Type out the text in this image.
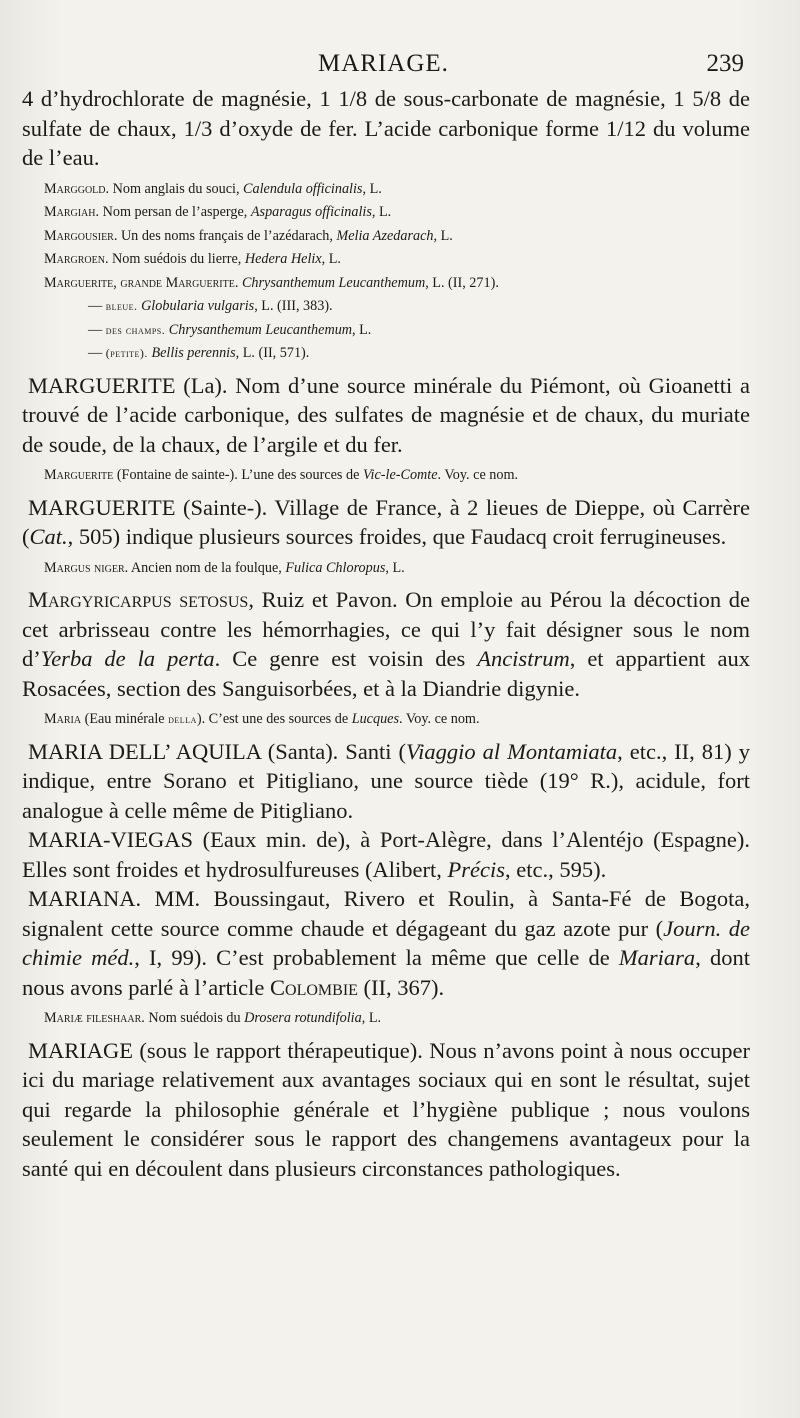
MARIAGE.	239

4 d’hydrochlorate de magnésie, 1 1/8 de sous-carbonate de magnésie, 1 5/8 de sulfate de chaux, 1/3 d’oxyde de fer. L’acide carbonique forme 1/12 du volume de l’eau.

Marggold. Nom anglais du souci, Calendula officinalis, L.

Margiah. Nom persan de l’asperge, Asparagus officinalis, L.

Margousier. Un des noms français de l’azédarach, Melia Azedarach, L.

Margroen. Nom suédois du lierre, Hedera Helix, L.

Marguerite, grande Marguerite. Chrysanthemum Leucanthemum, L. (II, 271).

— bleue. Globularia vulgaris, L. (III, 383).

— des champs. Chrysanthemum Leucanthemum, L.

— (petite). Bellis perennis, L. (II, 571).

MARGUERITE (La). Nom d’une source minérale du Piémont, où Gioanetti a trouvé de l’acide carbonique, des sulfates de magnésie et de chaux, du muriate de soude, de la chaux, de l’argile et du fer.

Marguerite (Fontaine de sainte-). L’une des sources de Vic-le-Comte. Voy. ce nom.

MARGUERITE (Sainte-). Village de France, à 2 lieues de Dieppe, où Carrère (Cat., 505) indique plusieurs sources froides, que Faudacq croit ferrugineuses.

Margus niger. Ancien nom de la foulque, Fulica Chloropus, L.

Margyricarpus setosus, Ruiz et Pavon. On emploie au Pérou la décoction de cet arbrisseau contre les hémorrhagies, ce qui l’y fait désigner sous le nom d’Yerba de la perta. Ce genre est voisin des Ancistrum, et appartient aux Rosacées, section des Sanguisorbées, et à la Diandrie digynie.

Maria (Eau minérale della). C’est une des sources de Lucques. Voy. ce nom.

MARIA DELL’ AQUILA (Santa). Santi (Viaggio al Montamiata, etc., II, 81) y indique, entre Sorano et Pitigliano, une source tiède (19° R.), acidule, fort analogue à celle même de Pitigliano.

MARIA-VIEGAS (Eaux min. de), à Port-Alègre, dans l’Alentéjo (Espagne). Elles sont froides et hydrosulfureuses (Alibert, Précis, etc., 595).

MARIANA. MM. Boussingaut, Rivero et Roulin, à Santa-Fé de Bogota, signalent cette source comme chaude et dégageant du gaz azote pur (Journ. de chimie méd., I, 99). C’est probablement la même que celle de Mariara, dont nous avons parlé à l’article Colombie (II, 367).

Mariæ fileshaar. Nom suédois du Drosera rotundifolia, L.

MARIAGE (sous le rapport thérapeutique). Nous n’avons point à nous occuper ici du mariage relativement aux avantages sociaux qui en sont le résultat, sujet qui regarde la philosophie générale et l’hygiène publique ; nous voulons seulement le considérer sous le rapport des changemens avantageux pour la santé qui en découlent dans plusieurs circonstances pathologiques.
